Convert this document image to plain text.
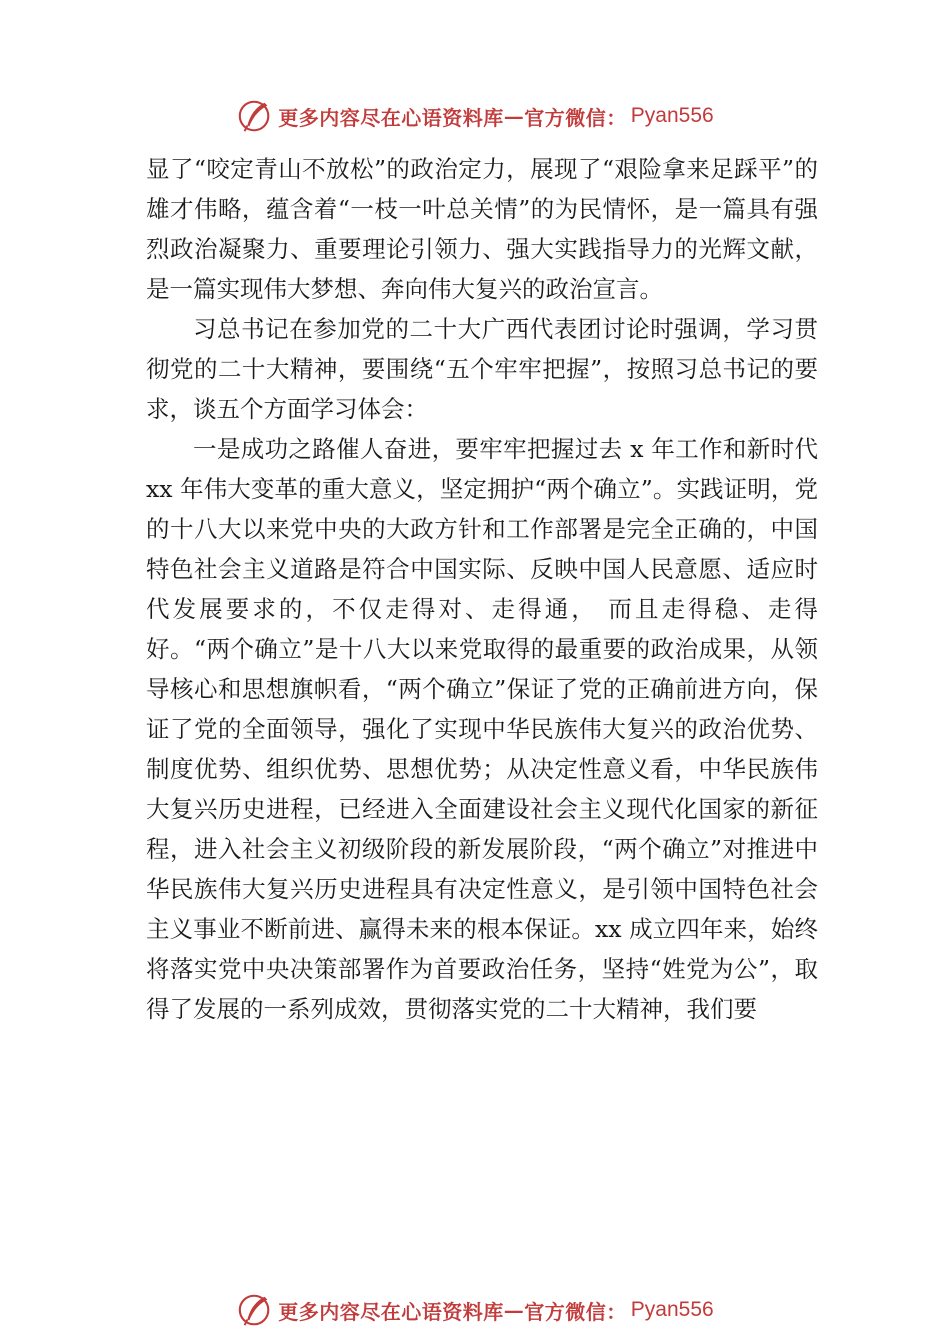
更多内容尽在心语资料库 — 官方微信： Pyan556

显了“咬定青山不放松”的政治定力，展现了“艰险拿来足踩平”的雄才伟略，蕴含着“一枝一叶总关情”的为民情怀，是一篇具有强烈政治凝聚力、重要理论引领力、强大实践指导力的光辉文献，是一篇实现伟大梦想、奔向伟大复兴的政治宣言。

习总书记在参加党的二十大广西代表团讨论时强调，学习贯彻党的二十大精神，要围绕“五个牢牢把握”，按照习总书记的要求，谈五个方面学习体会：

一是成功之路催人奋进，要牢牢把握过去 x 年工作和新时代 xx 年伟大变革的重大意义，坚定拥护“两个确立”。实践证明，党的十八大以来党中央的大政方针和工作部署是完全正确的，中国特色社会主义道路是符合中国实际、反映中国人民意愿、适应时代发展要求的，不仅走得对、走得通， 而且走得稳、走得好。“两个确立”是十八大以来党取得的最重要的政治成果，从领导核心和思想旗帜看，“两个确立”保证了党的正确前进方向，保证了党的全面领导，强化了实现中华民族伟大复兴的政治优势、制度优势、组织优势、思想优势；从决定性意义看，中华民族伟大复兴历史进程，已经进入全面建设社会主义现代化国家的新征程，进入社会主义初级阶段的新发展阶段，“两个确立”对推进中华民族伟大复兴历史进程具有决定性意义，是引领中国特色社会主义事业不断前进、赢得未来的根本保证。xx 成立四年来，始终将落实党中央决策部署作为首要政治任务，坚持“姓党为公”，取得了发展的一系列成效，贯彻落实党的二十大精神，我们要

更多内容尽在心语资料库 — 官方微信： Pyan556
